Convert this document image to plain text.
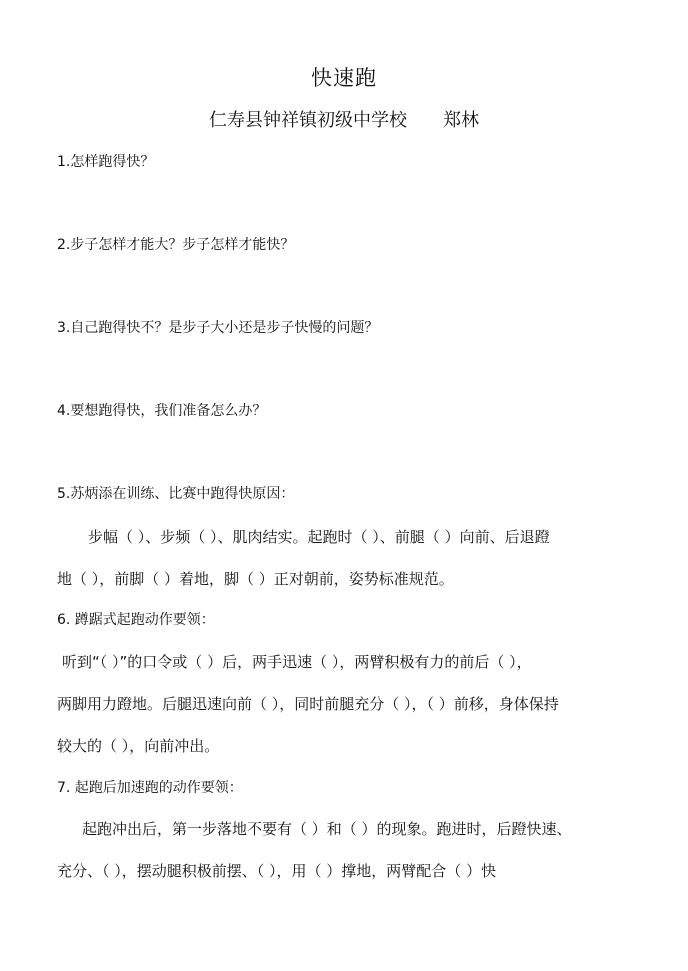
快速跑
仁寿县钟祥镇初级中学校 郑林
1.怎样跑得快？
2.步子怎样才能大？步子怎样才能快？
3.自己跑得快不？是步子大小还是步子快慢的问题？
4.要想跑得快，我们准备怎么办？
5.苏炳添在训练、比赛中跑得快原因：
步幅（ ）、步频（ ）、肌肉结实。起跑时（ ）、前腿（ ）向前、后退蹬
地（ ），前脚（ ）着地，脚（ ）正对朝前，姿势标准规范。
6. 蹲踞式起跑动作要领：
听到“（ ）”的口令或（ ）后，两手迅速（ ），两臂积极有力的前后（ ），
两脚用力蹬地。后腿迅速向前（ ），同时前腿充分（ ），（ ）前移，身体保持
较大的（ ），向前冲出。
7. 起跑后加速跑的动作要领：
起跑冲出后，第一步落地不要有（ ）和（ ）的现象。跑进时，后蹬快速、
充分、（ ），摆动腿积极前摆、（ ），用（ ）撑地，两臂配合（ ）快
